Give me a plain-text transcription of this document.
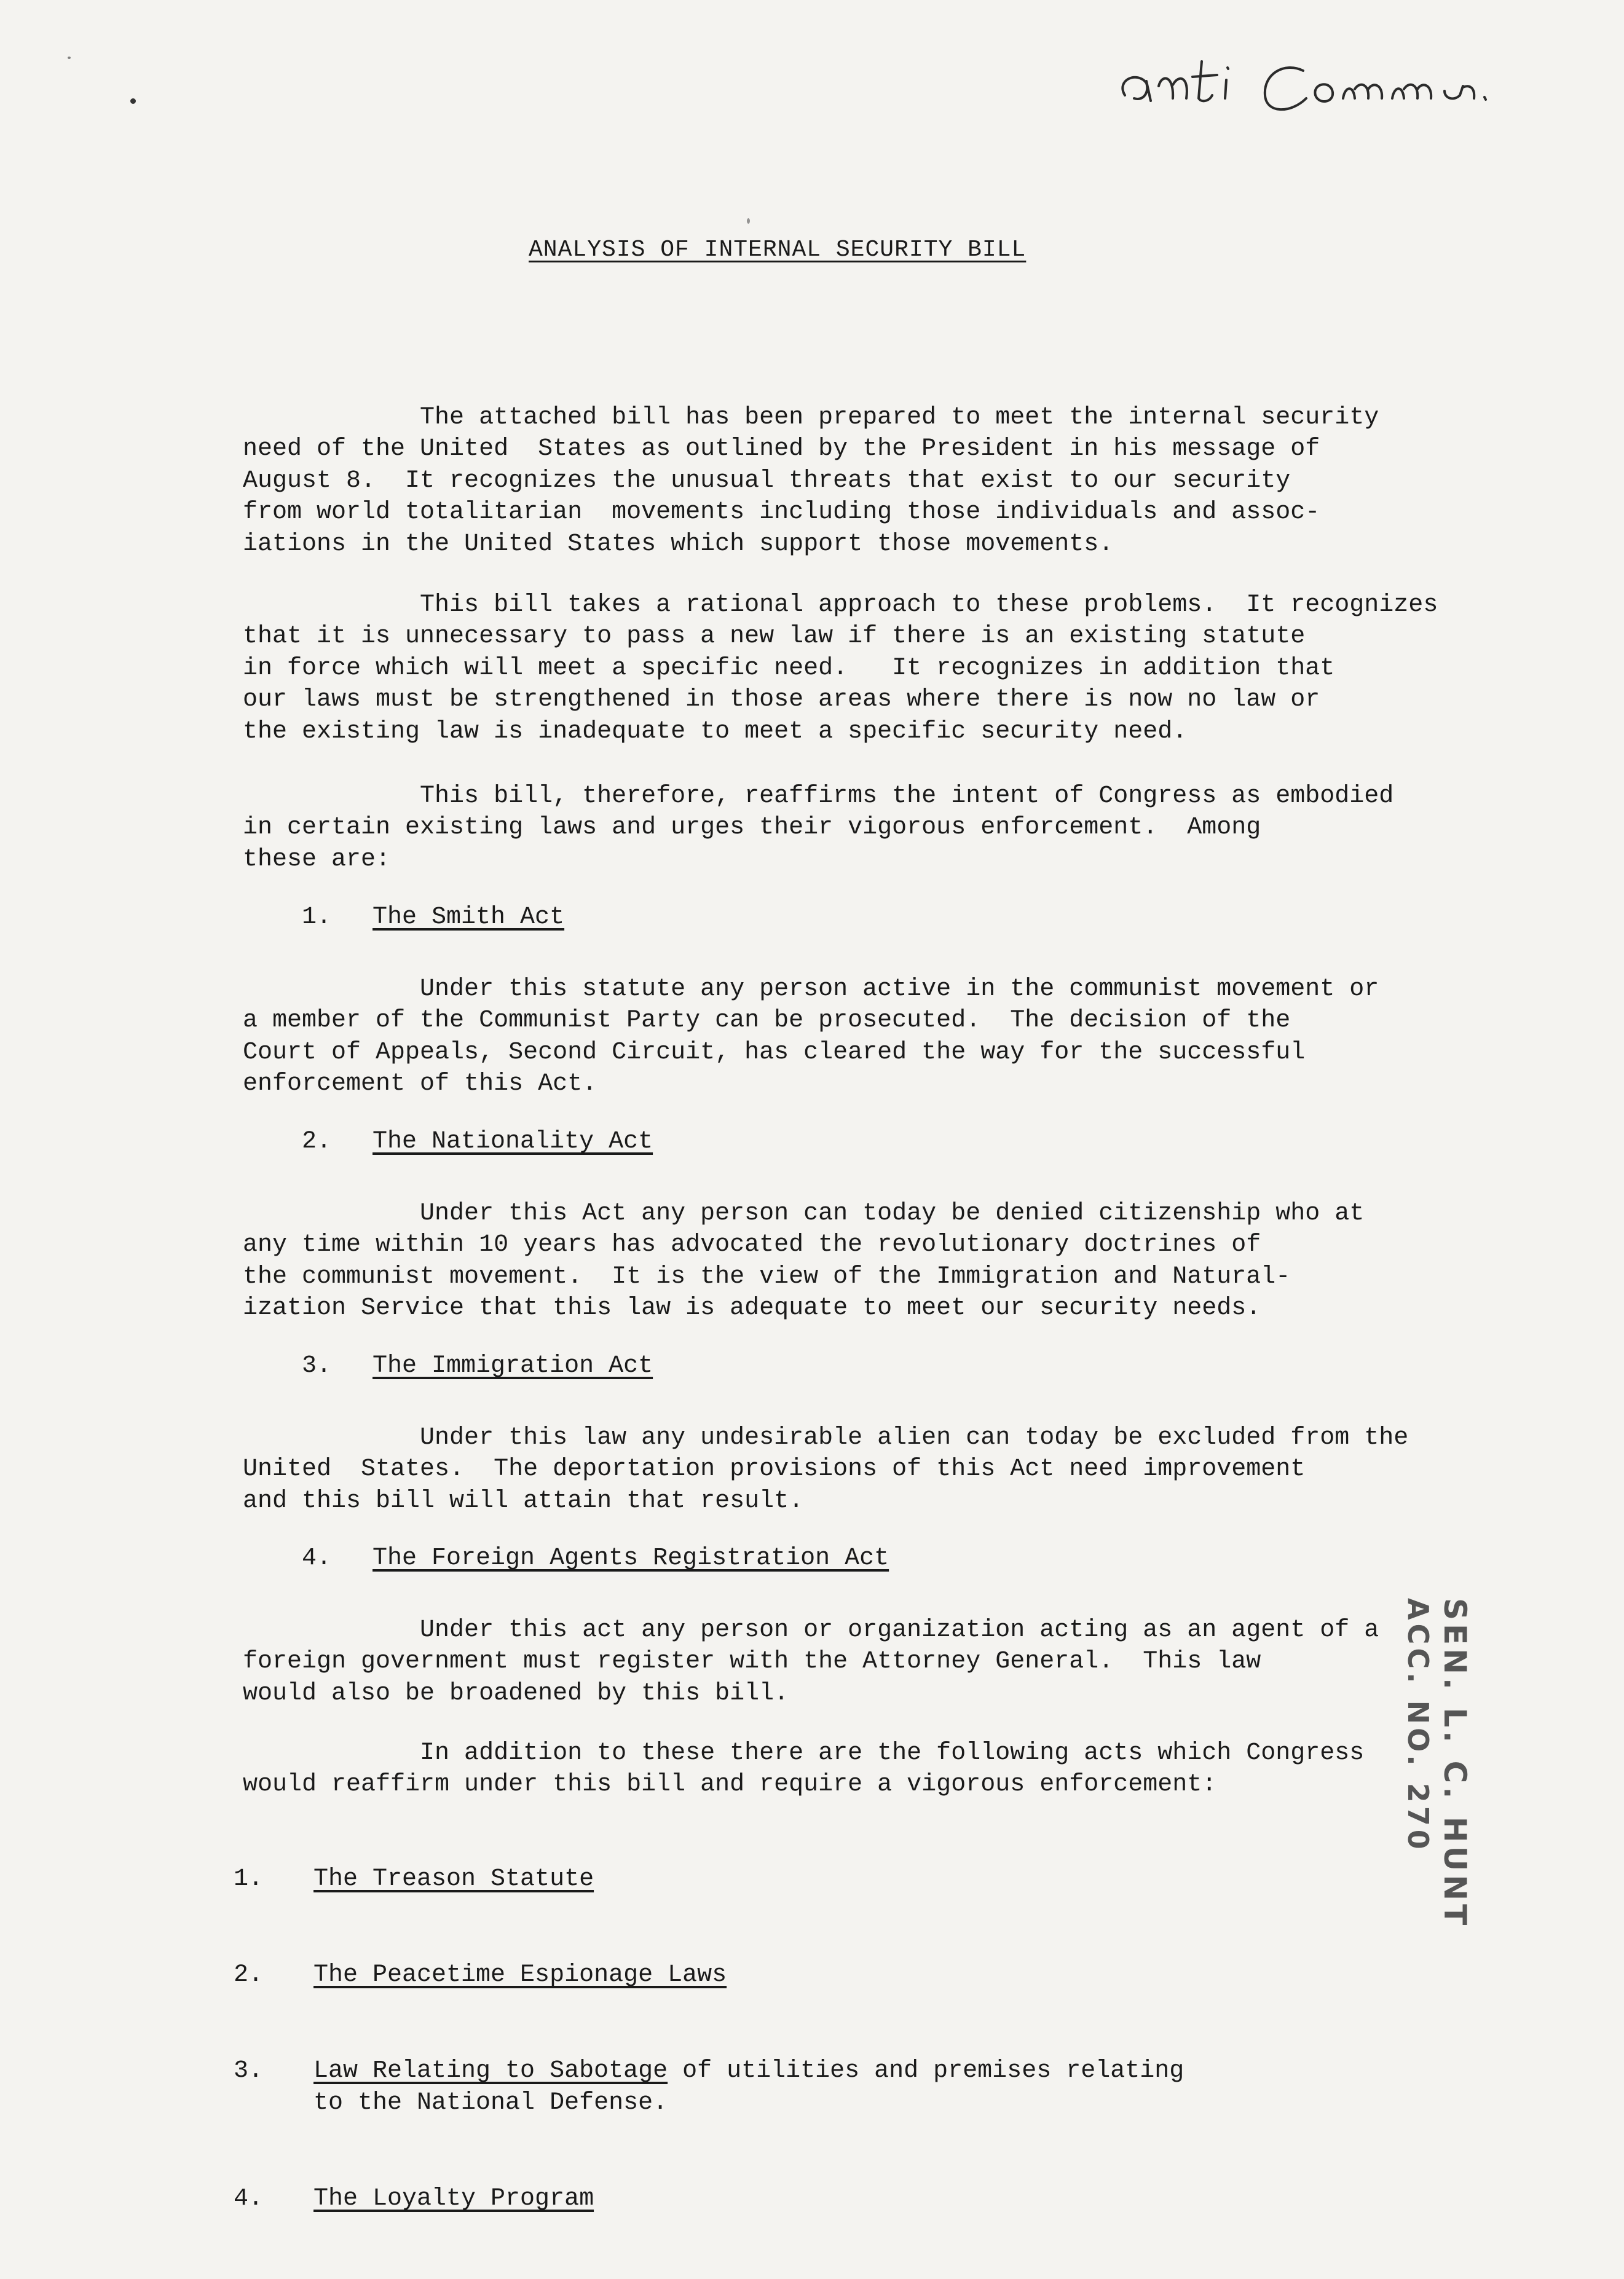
ANALYSIS OF INTERNAL SECURITY BILL

The attached bill has been prepared to meet the internal security
need of the United  States as outlined by the President in his message of
August 8.  It recognizes the unusual threats that exist to our security
from world totalitarian  movements including those individuals and assoc-
iations in the United States which support those movements.

This bill takes a rational approach to these problems.  It recognizes
that it is unnecessary to pass a new law if there is an existing statute
in force which will meet a specific need.   It recognizes in addition that
our laws must be strengthened in those areas where there is now no law or
the existing law is inadequate to meet a specific security need.

This bill, therefore, reaffirms the intent of Congress as embodied
in certain existing laws and urges their vigorous enforcement.  Among
these are:

1. The Smith Act

Under this statute any person active in the communist movement or
a member of the Communist Party can be prosecuted.  The decision of the
Court of Appeals, Second Circuit, has cleared the way for the successful
enforcement of this Act.

2. The Nationality Act

Under this Act any person can today be denied citizenship who at
any time within 10 years has advocated the revolutionary doctrines of
the communist movement.  It is the view of the Immigration and Natural-
ization Service that this law is adequate to meet our security needs.

3. The Immigration Act

Under this law any undesirable alien can today be excluded from the
United  States.  The deportation provisions of this Act need improvement
and this bill will attain that result.

4. The Foreign Agents Registration Act

Under this act any person or organization acting as an agent of a
foreign government must register with the Attorney General.  This law
would also be broadened by this bill.

In addition to these there are the following acts which Congress
would reaffirm under this bill and require a vigorous enforcement:

1. The Treason Statute

2. The Peacetime Espionage Laws

3. Law Relating to Sabotage of utilities and premises relating
to the National Defense.

4. The Loyalty Program

SEN. L. C. HUNT
ACC. NO. 270
